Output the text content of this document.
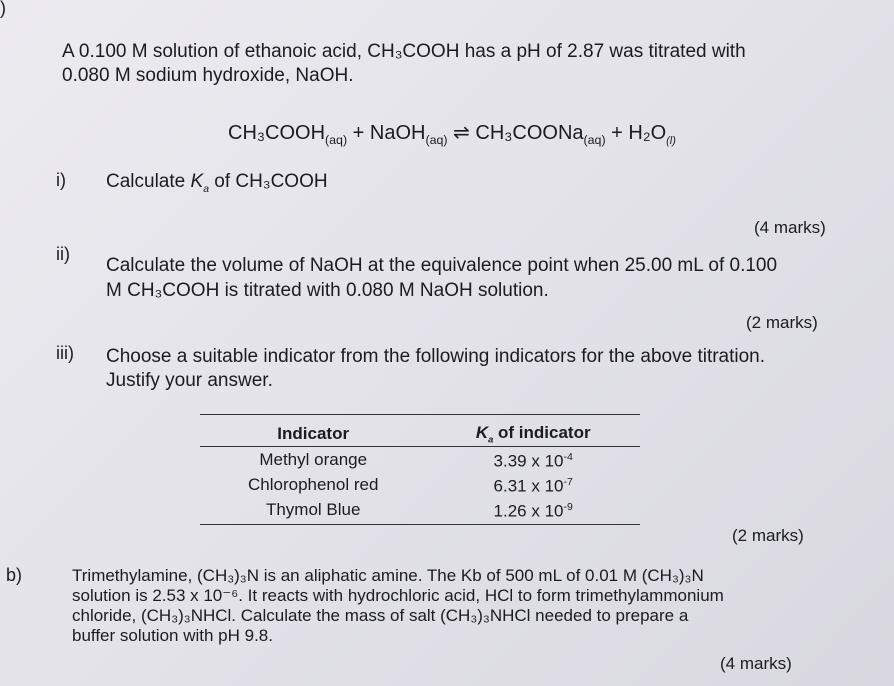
)
A 0.100 M solution of ethanoic acid, CH₃COOH has a pH of 2.87 was titrated with
0.080 M sodium hydroxide, NaOH.
$CH_3COOH_{(aq)}$ + NaOH$_{(aq)}$ ⇌ CH₃COONa$_{(aq)}$ + $H_2O_{(l)}$
i) Calculate $K_a$ of CH₃COOH
(4 marks)
ii)
Calculate the volume of NaOH at the equivalence point when 25.00 mL of 0.100
M CH₃COOH is titrated with 0.080 M NaOH solution.
(2 marks)
iii) Choose a suitable indicator from the following indicators for the above titration.
Justify your answer.
Indicator	$K_a$ of indicator
Methyl orange	3.39 x $10^{-4}$
Chlorophenol red	6.31 x $10^{-7}$
Thymol Blue	1.26 x $10^{-9}$
(2 marks)
b)	Trimethylamine, (CH₃)₃N is an aliphatic amine. The Kb of 500 mL of 0.01 M (CH₃)₃N
solution is 2.53 x 10⁻⁶. It reacts with hydrochloric acid, HCl to form trimethylammonium
chloride, (CH₃)₃NHCl. Calculate the mass of salt (CH₃)₃NHCl needed to prepare a
buffer solution with pH 9.8.
(4 marks)
